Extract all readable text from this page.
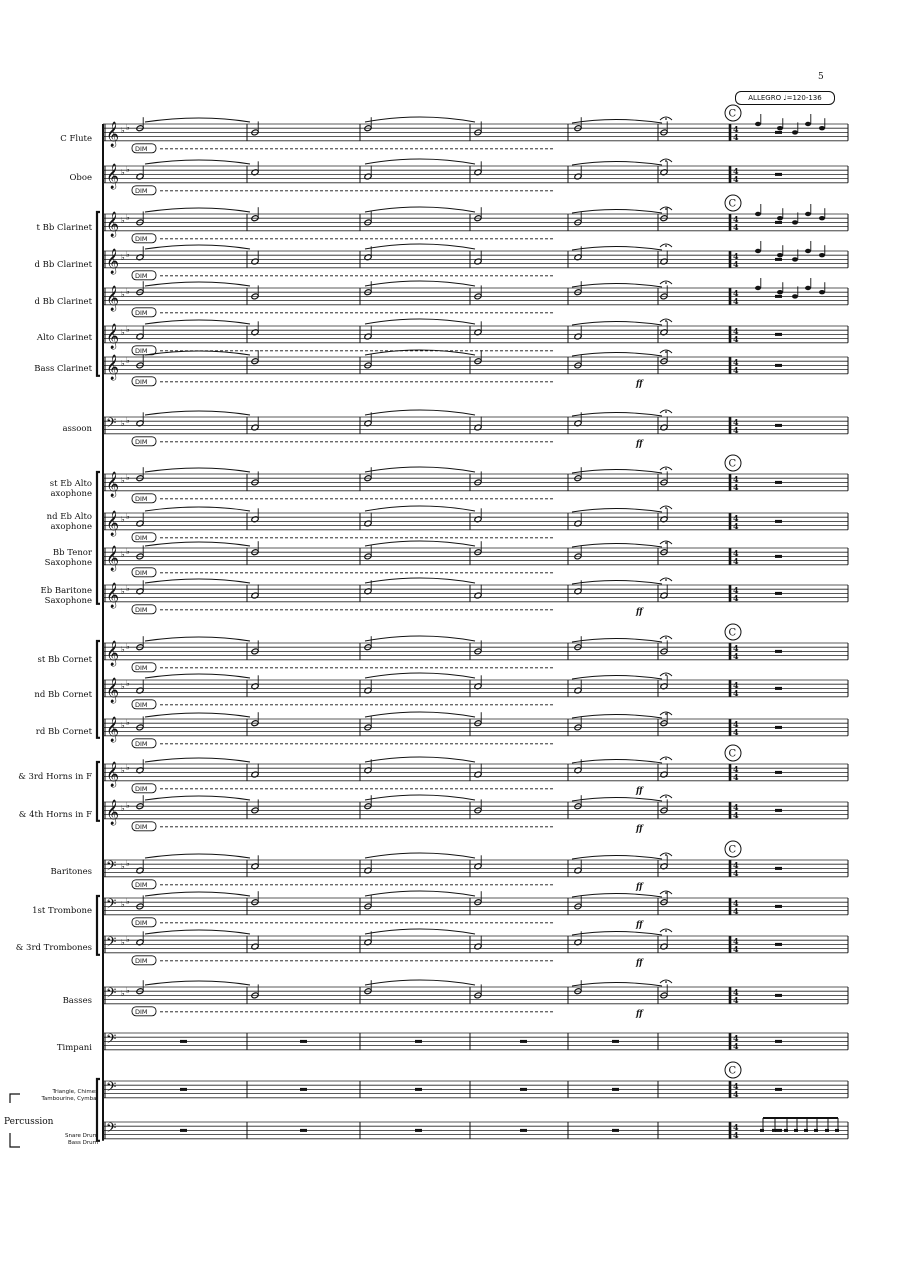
𝄞 ♭ ♭	4
4
DIM
C
𝄞 ♭ ♭	4
4
DIM
𝄞 ♭ ♭	4
4
DIM
C
𝄞 ♭ ♭	4
4
DIM
𝄞 ♭ ♭	4
4
DIM
𝄞 ♭ ♭	4
4
DIM
𝄞 ♭ ♭	4
4
DIM	ff
𝄢 ♭ ♭	4
4
DIM	ff
𝄞 ♭ ♭	4
4
DIM
C
𝄞 ♭ ♭	4
4
DIM
𝄞 ♭ ♭	4
4
DIM
𝄞 ♭ ♭	4
4
DIM	ff
𝄞 ♭ ♭	4
4
DIM
C
𝄞 ♭ ♭	4
4
DIM
𝄞 ♭ ♭	4
4
DIM
𝄞 ♭ ♭	4
4
DIM	ff
C
𝄞 ♭ ♭	4
4
DIM	ff
𝄢 ♭ ♭	4
4
DIM	ff
C
𝄢 ♭ ♭	4
4
DIM	ff
𝄢 ♭ ♭	4
4
DIM	ff
𝄢 ♭ ♭	4
4
DIM	ff
𝄢	4
4
𝄢	4
4
C
𝄢	4
4
5
ALLEGRO ♩=120-136
C Flute
Oboe
t Bb Clarinet
d Bb Clarinet
d Bb Clarinet
Alto Clarinet
Bass Clarinet
assoon
st Eb Alto
axophone
nd Eb Alto
axophone
Bb Tenor
Saxophone
Eb Baritone
Saxophone
st Bb Cornet
nd Bb Cornet
rd Bb Cornet
& 3rd Horns in F
& 4th Horns in F
Baritones
1st Trombone
& 3rd Trombones
Basses
Timpani
Percussion
Triangle, Chimes
Tambourine, Cymbal
Snare Drum
Bass Drum
